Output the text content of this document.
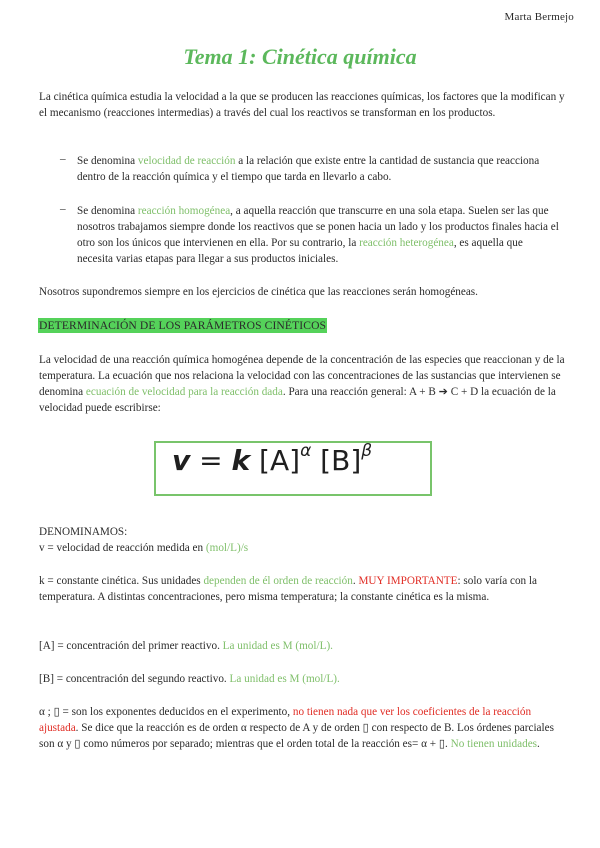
Marta Bermejo
Tema 1: Cinética química
La cinética química estudia la velocidad a la que se producen las reacciones químicas, los factores que la modifican y el mecanismo (reacciones intermedias) a través del cual los reactivos se transforman en los productos.
– Se denomina velocidad de reacción a la relación que existe entre la cantidad de sustancia que reacciona dentro de la reacción química y el tiempo que tarda en llevarlo a cabo.
– Se denomina reacción homogénea, a aquella reacción que transcurre en una sola etapa. Suelen ser las que nosotros trabajamos siempre donde los reactivos que se ponen hacia un lado y los productos finales hacia el otro son los únicos que intervienen en ella. Por su contrario, la reacción heterogénea, es aquella que necesita varias etapas para llegar a sus productos iniciales.
Nosotros supondremos siempre en los ejercicios de cinética que las reacciones serán homogéneas.
DETERMINACIÓN DE LOS PARÁMETROS CINÉTICOS
La velocidad de una reacción química homogénea depende de la concentración de las especies que reaccionan y de la temperatura. La ecuación que nos relaciona la velocidad con las concentraciones de las sustancias que intervienen se denomina ecuación de velocidad para la reacción dada. Para una reacción general: A + B ➔ C + D la ecuación de la velocidad puede escribirse:
v = k $[A]^\alpha$ $[B]^\beta$
DENOMINAMOS:
v = velocidad de reacción medida en (mol/L)/s
k = constante cinética. Sus unidades dependen de él orden de reacción. MUY IMPORTANTE: solo varía con la temperatura. A distintas concentraciones, pero misma temperatura; la constante cinética es la misma.
[A] = concentración del primer reactivo. La unidad es M (mol/L).
[B] = concentración del segundo reactivo. La unidad es M (mol/L).
α ; ▯ = son los exponentes deducidos en el experimento, no tienen nada que ver los coeficientes de la reacción ajustada. Se dice que la reacción es de orden α respecto de A y de orden ▯ con respecto de B. Los órdenes parciales son α y ▯ como números por separado; mientras que el orden total de la reacción es= α + ▯. No tienen unidades.
